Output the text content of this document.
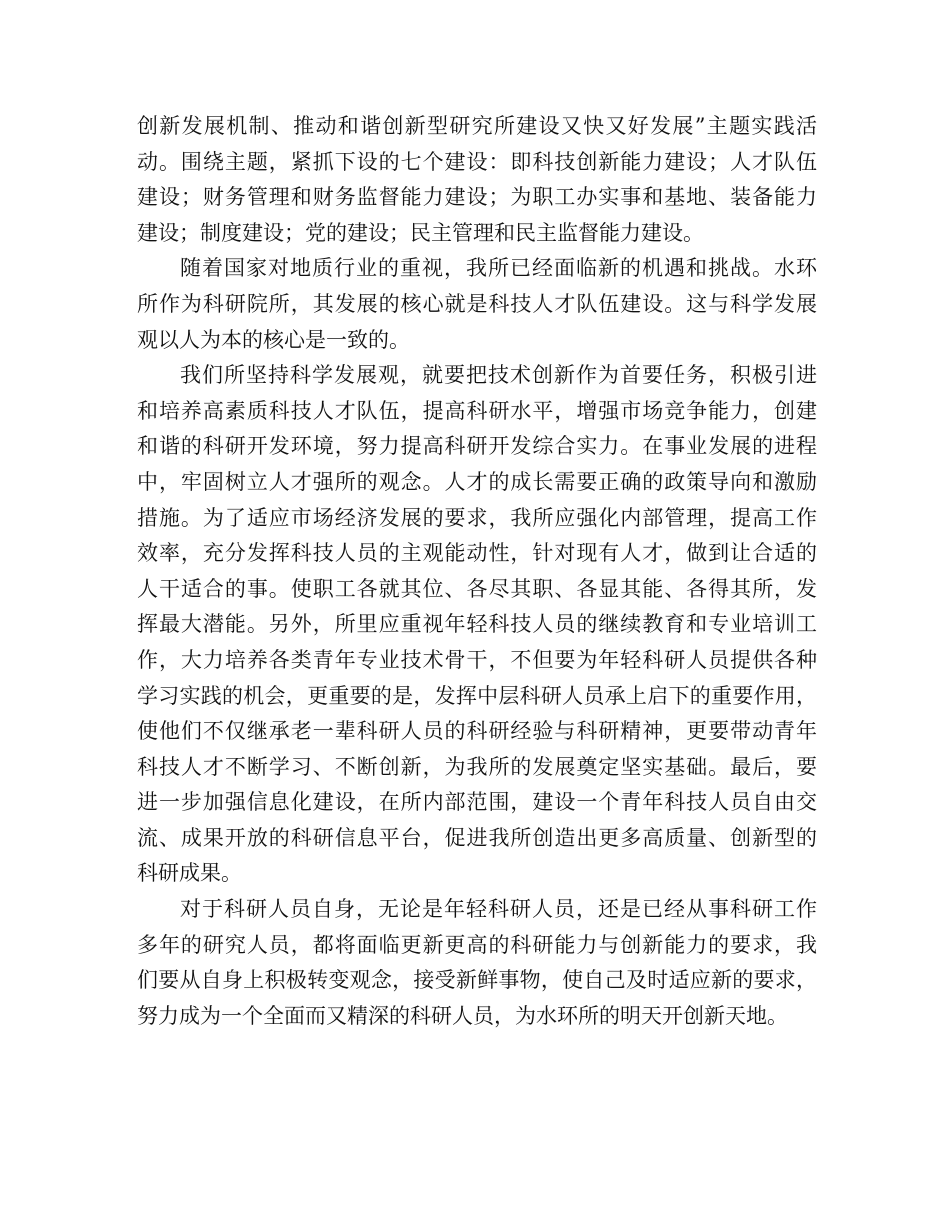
创新发展机制、推动和谐创新型研究所建设又快又好发展”主题实践活
动。围绕主题，紧抓下设的七个建设：即科技创新能力建设；人才队伍
建设；财务管理和财务监督能力建设；为职工办实事和基地、装备能力
建设；制度建设；党的建设；民主管理和民主监督能力建设。

随着国家对地质行业的重视，我所已经面临新的机遇和挑战。水环
所作为科研院所，其发展的核心就是科技人才队伍建设。这与科学发展
观以人为本的核心是一致的。

我们所坚持科学发展观，就要把技术创新作为首要任务，积极引进
和培养高素质科技人才队伍，提高科研水平，增强市场竞争能力，创建
和谐的科研开发环境，努力提高科研开发综合实力。在事业发展的进程
中，牢固树立人才强所的观念。人才的成长需要正确的政策导向和激励
措施。为了适应市场经济发展的要求，我所应强化内部管理，提高工作
效率，充分发挥科技人员的主观能动性，针对现有人才，做到让合适的
人干适合的事。使职工各就其位、各尽其职、各显其能、各得其所，发
挥最大潜能。另外，所里应重视年轻科技人员的继续教育和专业培训工
作，大力培养各类青年专业技术骨干，不但要为年轻科研人员提供各种
学习实践的机会，更重要的是，发挥中层科研人员承上启下的重要作用，
使他们不仅继承老一辈科研人员的科研经验与科研精神，更要带动青年
科技人才不断学习、不断创新，为我所的发展奠定坚实基础。最后，要
进一步加强信息化建设，在所内部范围，建设一个青年科技人员自由交
流、成果开放的科研信息平台，促进我所创造出更多高质量、创新型的
科研成果。

对于科研人员自身，无论是年轻科研人员，还是已经从事科研工作
多年的研究人员，都将面临更新更高的科研能力与创新能力的要求，我
们要从自身上积极转变观念，接受新鲜事物，使自己及时适应新的要求，
努力成为一个全面而又精深的科研人员，为水环所的明天开创新天地。
